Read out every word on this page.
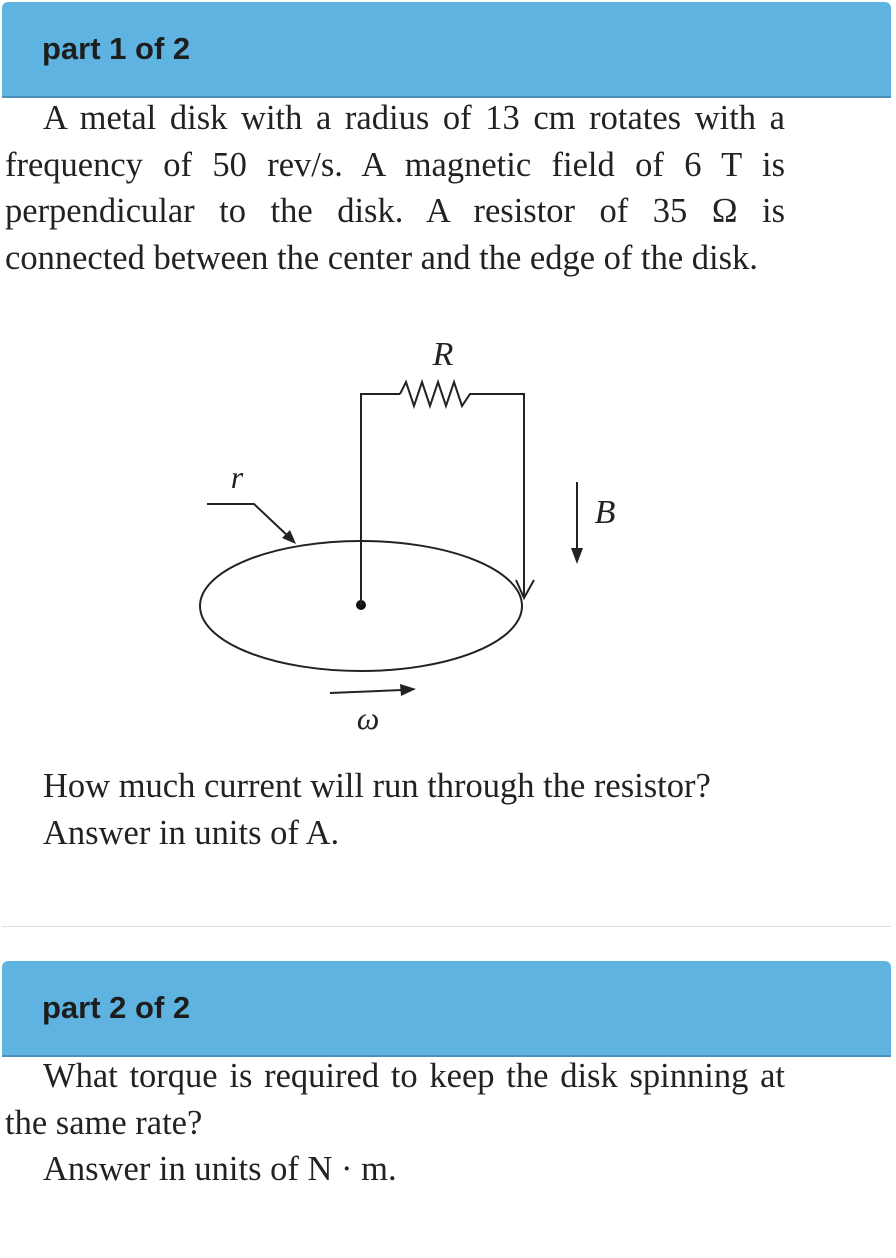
part 1 of 2

A metal disk with a radius of 13 cm rotates with a frequency of 50 rev/s. A magnetic field of 6 T is perpendicular to the disk. A resistor of 35 Ω is connected between the center and the edge of the disk.

R
r
B
ω

How much current will run through the resistor?

Answer in units of A.
part 2 of 2

What torque is required to keep the disk spinning at the same rate?

Answer in units of N · m.
